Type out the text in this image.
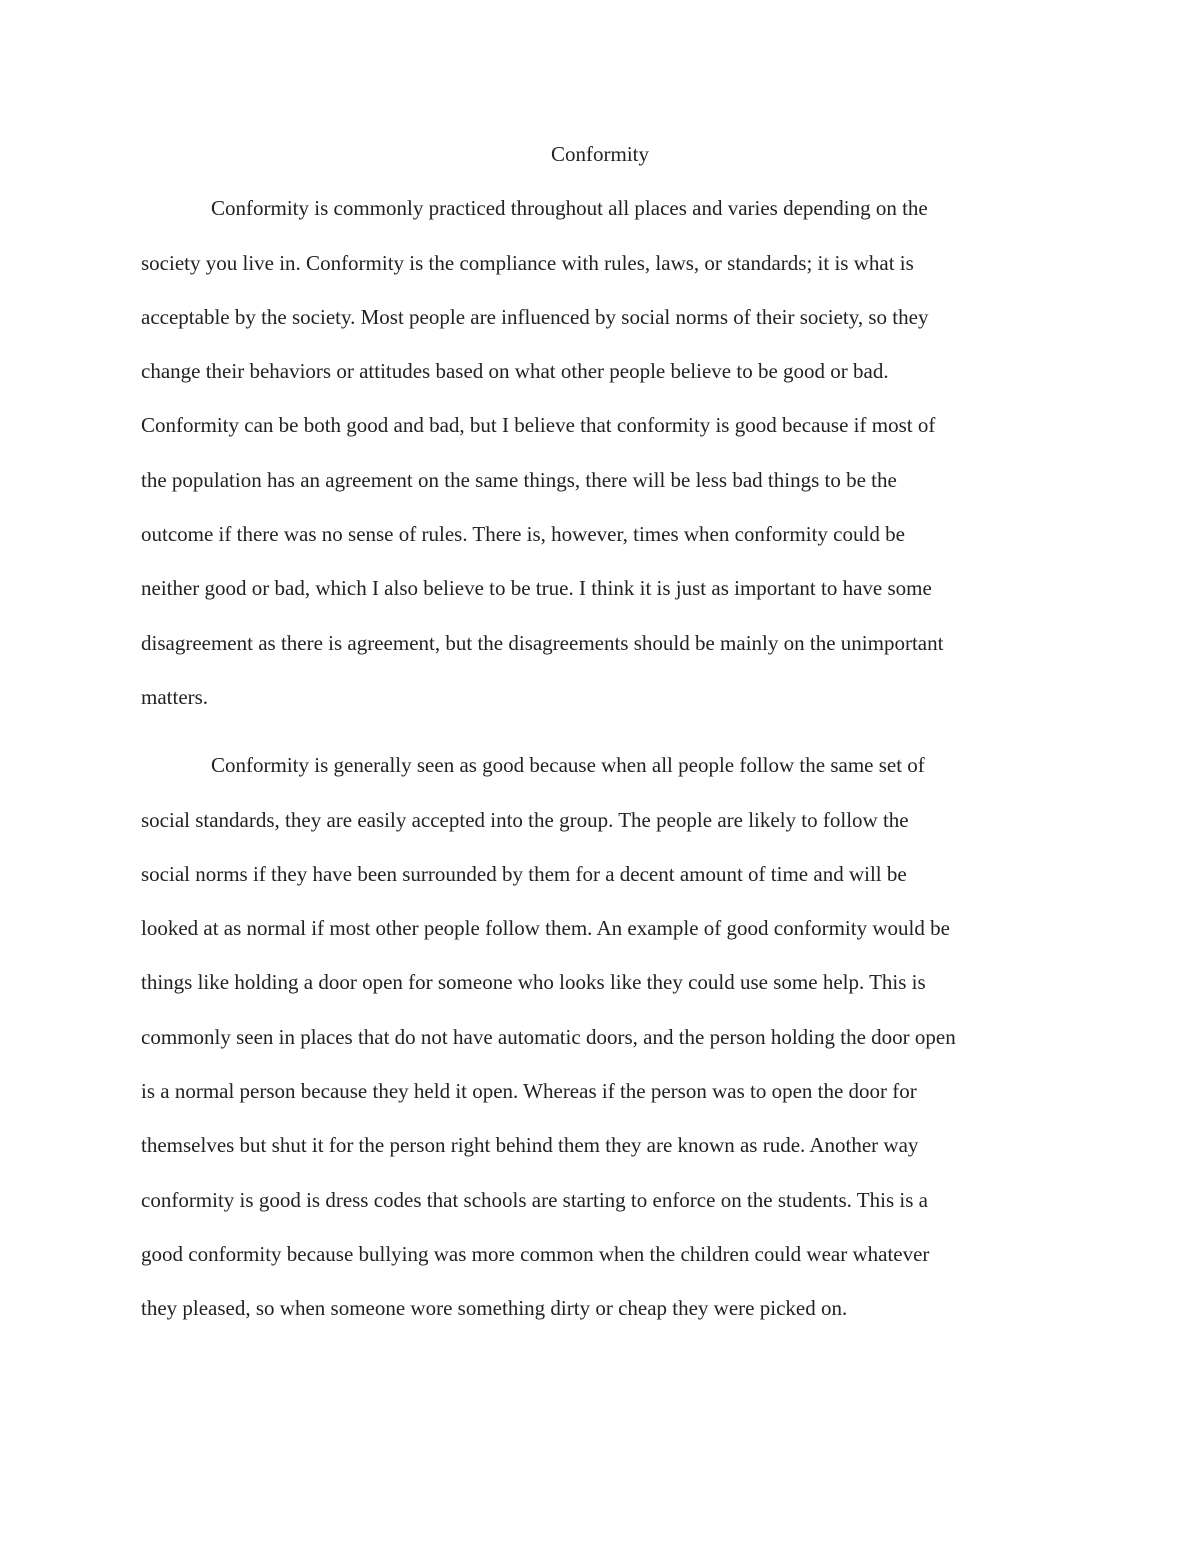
Conformity
Conformity is commonly practiced throughout all places and varies depending on the
society you live in. Conformity is the compliance with rules, laws, or standards; it is what is
acceptable by the society. Most people are influenced by social norms of their society, so they
change their behaviors or attitudes based on what other people believe to be good or bad.
Conformity can be both good and bad, but I believe that conformity is good because if most of
the population has an agreement on the same things, there will be less bad things to be the
outcome if there was no sense of rules. There is, however, times when conformity could be
neither good or bad, which I also believe to be true. I think it is just as important to have some
disagreement as there is agreement, but the disagreements should be mainly on the unimportant
matters.
Conformity is generally seen as good because when all people follow the same set of
social standards, they are easily accepted into the group. The people are likely to follow the
social norms if they have been surrounded by them for a decent amount of time and will be
looked at as normal if most other people follow them. An example of good conformity would be
things like holding a door open for someone who looks like they could use some help. This is
commonly seen in places that do not have automatic doors, and the person holding the door open
is a normal person because they held it open. Whereas if the person was to open the door for
themselves but shut it for the person right behind them they are known as rude. Another way
conformity is good is dress codes that schools are starting to enforce on the students. This is a
good conformity because bullying was more common when the children could wear whatever
they pleased, so when someone wore something dirty or cheap they were picked on.
